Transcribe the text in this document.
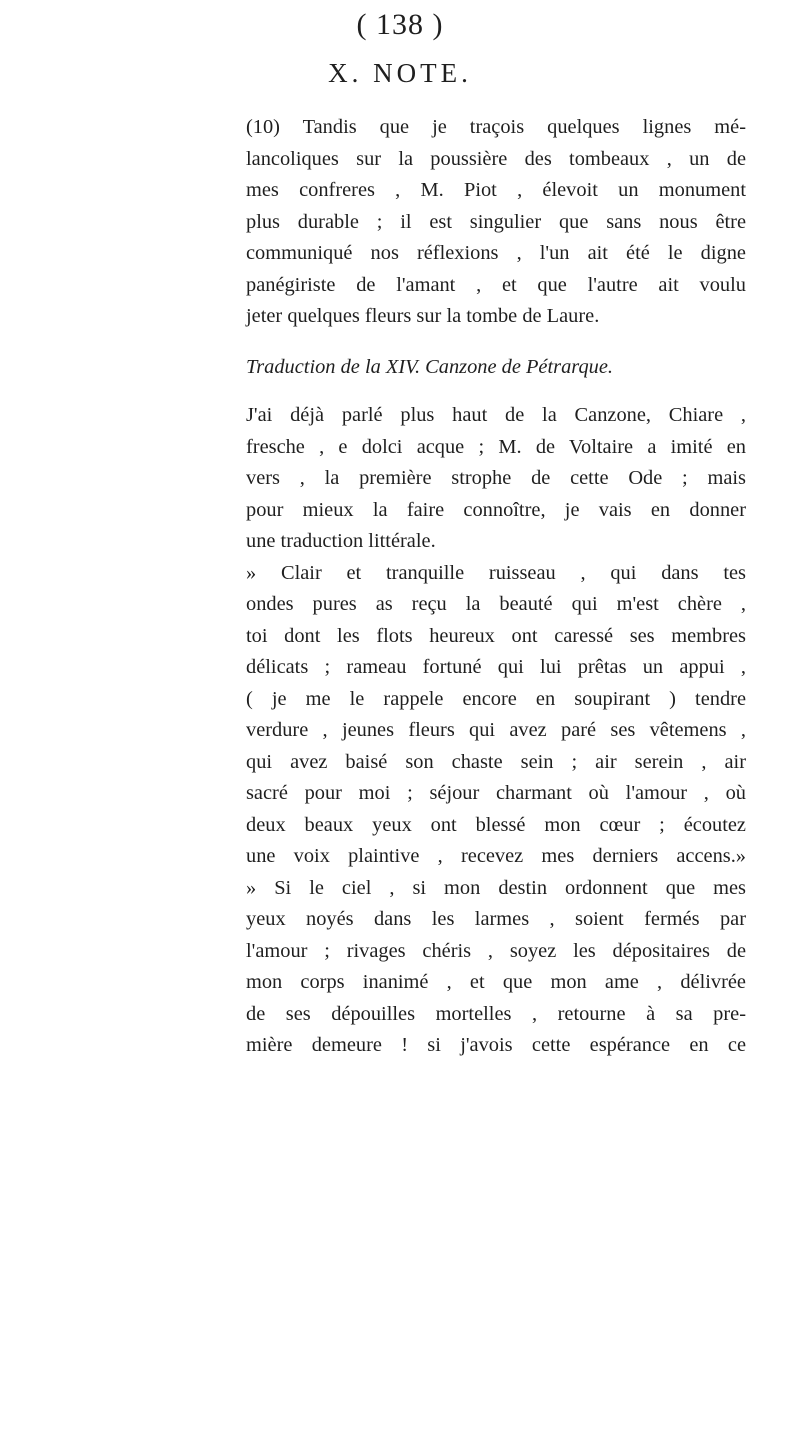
( 138 )
X. NOTE.
(10) Tandis que je traçois quelques lignes mé-
lancoliques sur la poussière des tombeaux , un de
mes confreres , M. Piot , élevoit un monument
plus durable ; il est singulier que sans nous être
communiqué nos réflexions , l'un ait été le digne
panégiriste de l'amant , et que l'autre ait voulu
jeter quelques fleurs sur la tombe de Laure.
Traduction de la XIV. Canzone de Pétrarque.
J'ai déjà parlé plus haut de la Canzone, Chiare ,
fresche , e dolci acque ; M. de Voltaire a imité en
vers , la première strophe de cette Ode ; mais
pour mieux la faire connoître, je vais en donner
une traduction littérale.
» Clair et tranquille ruisseau , qui dans tes
ondes pures as reçu la beauté qui m'est chère ,
toi dont les flots heureux ont caressé ses membres
délicats ; rameau fortuné qui lui prêtas un appui ,
( je me le rappele encore en soupirant ) tendre
verdure , jeunes fleurs qui avez paré ses vêtemens ,
qui avez baisé son chaste sein ; air serein , air
sacré pour moi ; séjour charmant où l'amour , où
deux beaux yeux ont blessé mon cœur ; écoutez
une voix plaintive , recevez mes derniers accens.»
» Si le ciel , si mon destin ordonnent que mes
yeux noyés dans les larmes , soient fermés par
l'amour ; rivages chéris , soyez les dépositaires de
mon corps inanimé , et que mon ame , délivrée
de ses dépouilles mortelles , retourne à sa pre-
mière demeure ! si j'avois cette espérance en ce
